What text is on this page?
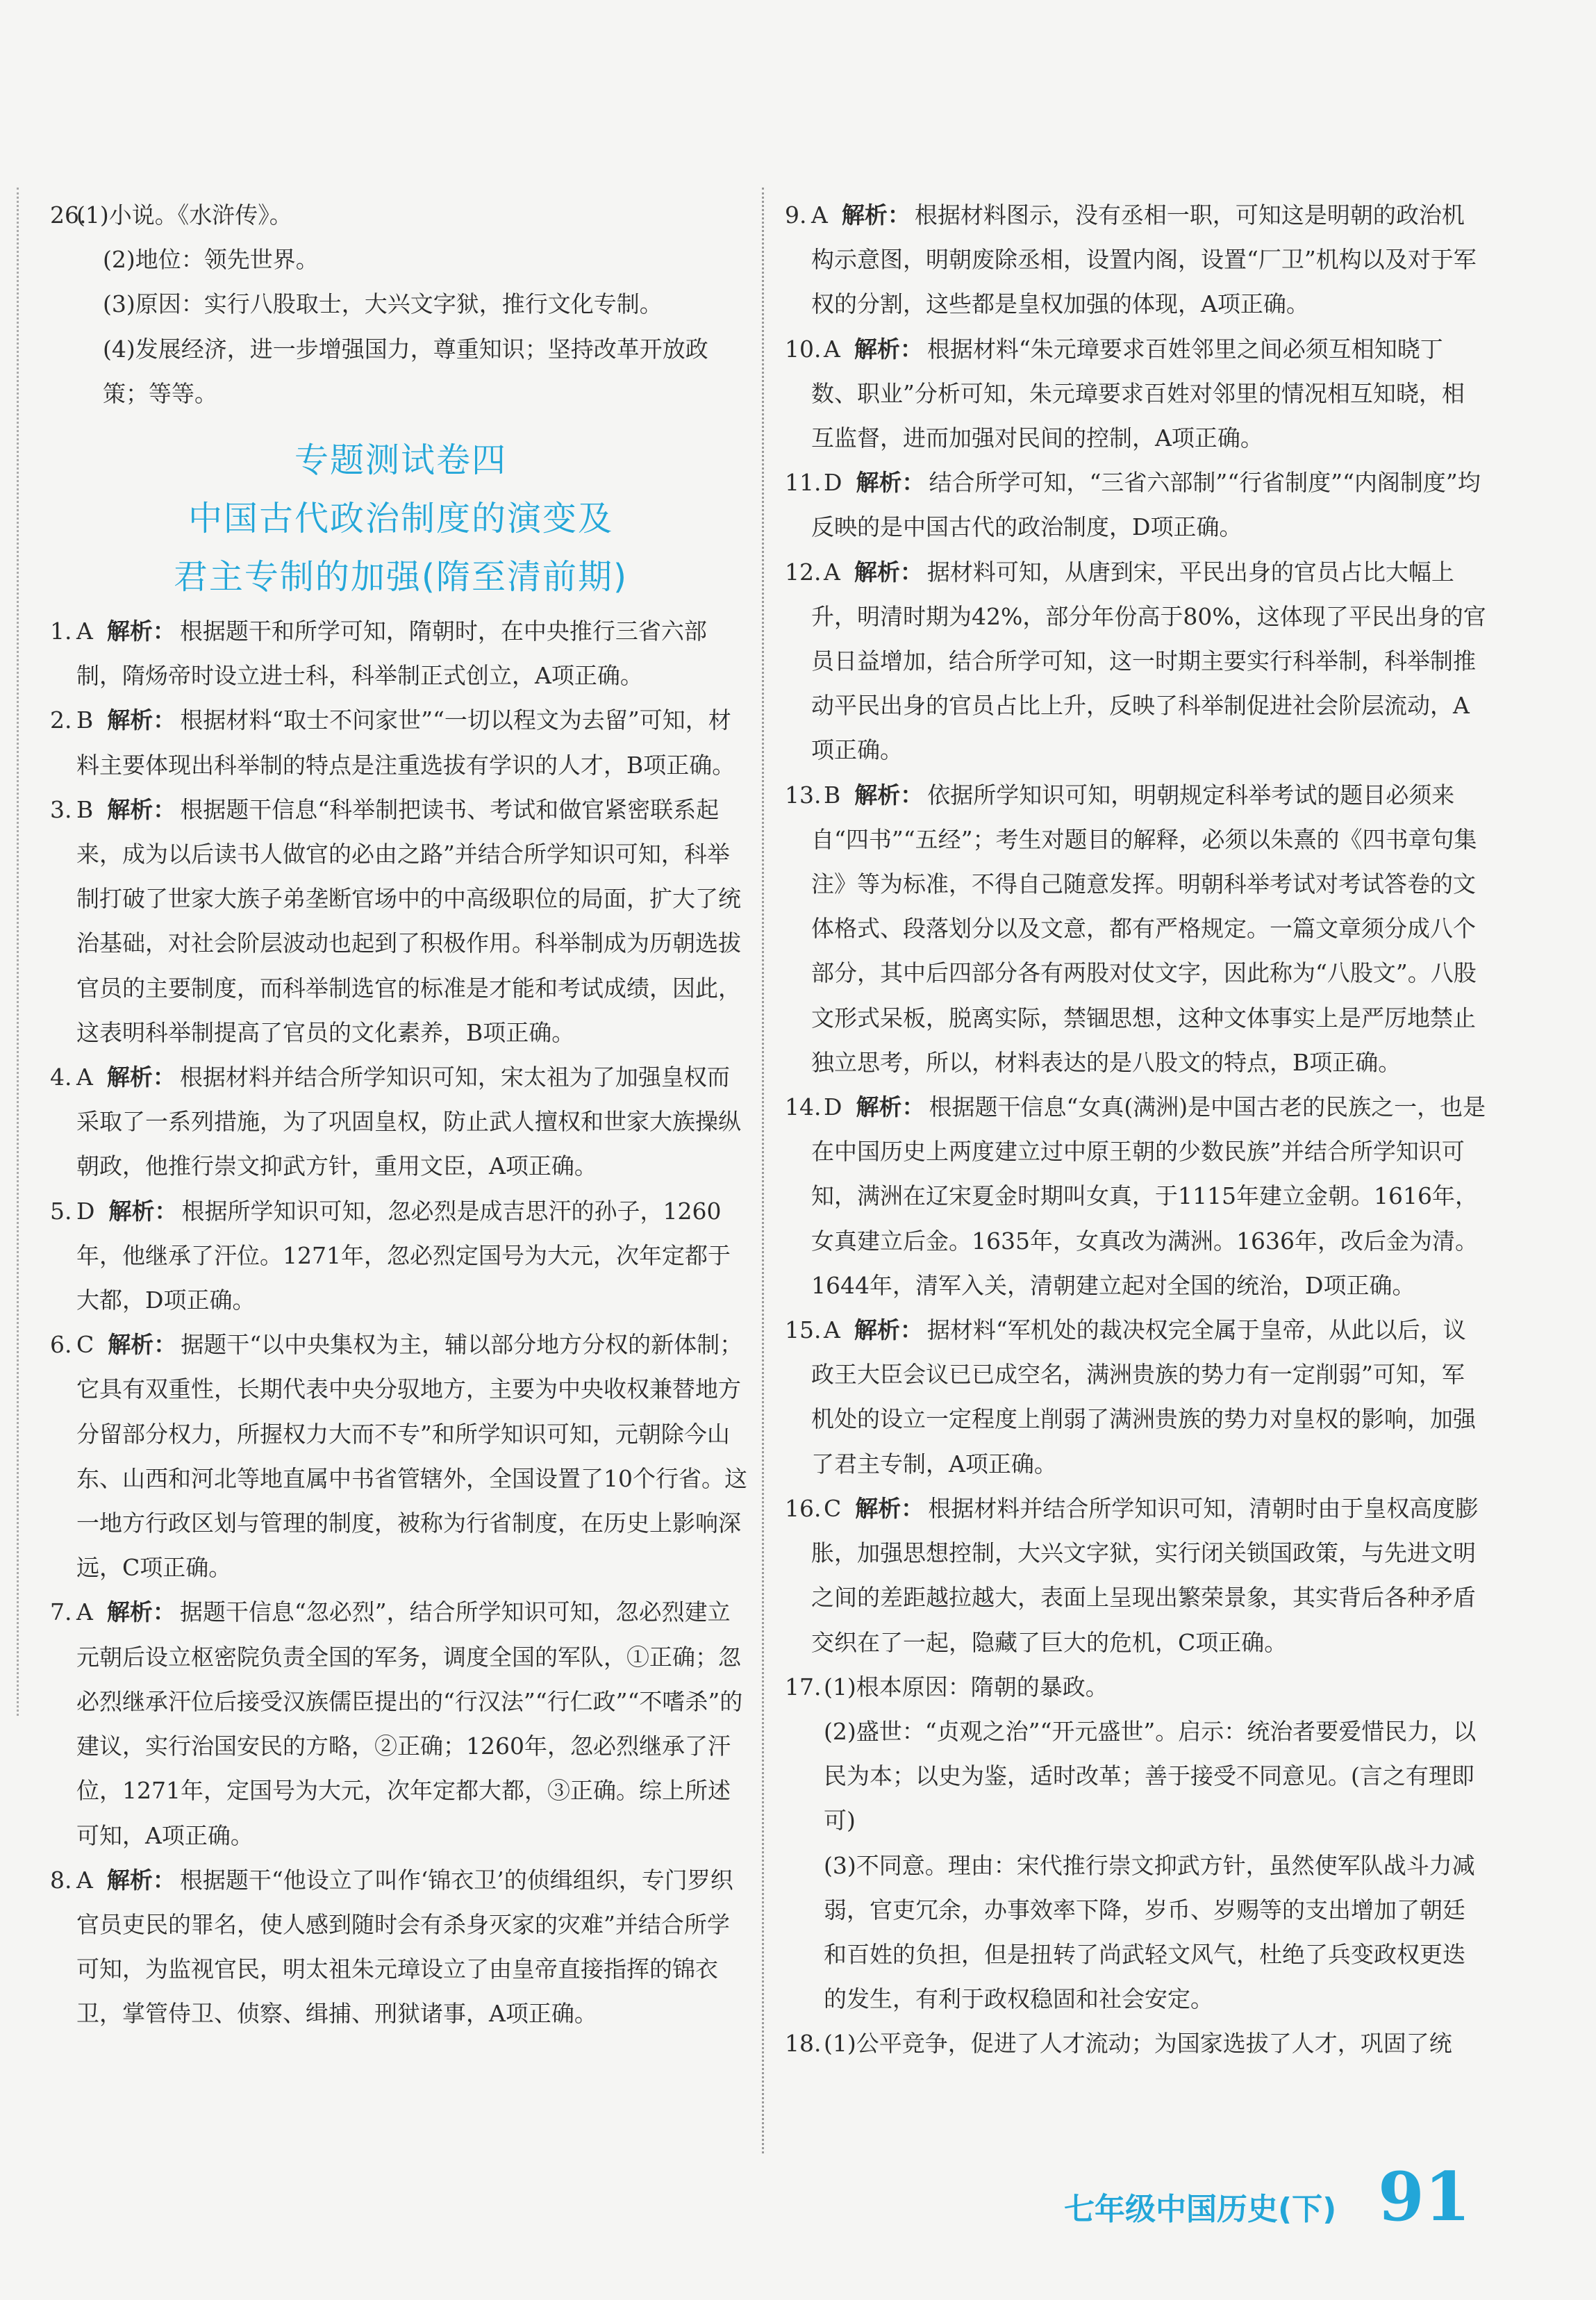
26.
(1)小说。《水浒传》。
(2)地位：领先世界。
(3)原因：实行八股取士，大兴文字狱，推行文化专制。
(4)发展经济，进一步增强国力，尊重知识；坚持改革开放政策；等等。
专题测试卷四
中国古代政治制度的演变及
君主专制的加强(隋至清前期)
1. A 解析： 根据题干和所学可知，隋朝时，在中央推行三省六部制，隋炀帝时设立进士科，科举制正式创立，A项正确。
2. B 解析： 根据材料“取士不问家世”“一切以程文为去留”可知，材料主要体现出科举制的特点是注重选拔有学识的人才，B项正确。
3. B 解析： 根据题干信息“科举制把读书、考试和做官紧密联系起来，成为以后读书人做官的必由之路”并结合所学知识可知，科举制打破了世家大族子弟垄断官场中的中高级职位的局面，扩大了统治基础，对社会阶层波动也起到了积极作用。科举制成为历朝选拔官员的主要制度，而科举制选官的标准是才能和考试成绩，因此，这表明科举制提高了官员的文化素养，B项正确。
4. A 解析： 根据材料并结合所学知识可知，宋太祖为了加强皇权而采取了一系列措施，为了巩固皇权，防止武人擅权和世家大族操纵朝政，他推行崇文抑武方针，重用文臣，A项正确。
5. D 解析： 根据所学知识可知，忽必烈是成吉思汗的孙子，1260年，他继承了汗位。1271年，忽必烈定国号为大元，次年定都于大都，D项正确。
6. C 解析： 据题干“以中央集权为主，辅以部分地方分权的新体制；它具有双重性，长期代表中央分驭地方，主要为中央收权兼替地方分留部分权力，所握权力大而不专”和所学知识可知，元朝除今山东、山西和河北等地直属中书省管辖外，全国设置了10个行省。这一地方行政区划与管理的制度，被称为行省制度，在历史上影响深远，C项正确。
7. A 解析： 据题干信息“忽必烈”，结合所学知识可知，忽必烈建立元朝后设立枢密院负责全国的军务，调度全国的军队，①正确；忽必烈继承汗位后接受汉族儒臣提出的“行汉法”“行仁政”“不嗜杀”的建议，实行治国安民的方略，②正确；1260年，忽必烈继承了汗位，1271年，定国号为大元，次年定都大都，③正确。综上所述可知，A项正确。
8. A 解析： 根据题干“他设立了叫作‘锦衣卫’的侦缉组织，专门罗织官员吏民的罪名，使人感到随时会有杀身灭家的灾难”并结合所学可知，为监视官民，明太祖朱元璋设立了由皇帝直接指挥的锦衣卫，掌管侍卫、侦察、缉捕、刑狱诸事，A项正确。
9. A 解析： 根据材料图示，没有丞相一职，可知这是明朝的政治机构示意图，明朝废除丞相，设置内阁，设置“厂卫”机构以及对于军权的分割，这些都是皇权加强的体现，A项正确。
10. A 解析： 根据材料“朱元璋要求百姓邻里之间必须互相知晓丁数、职业”分析可知，朱元璋要求百姓对邻里的情况相互知晓，相互监督，进而加强对民间的控制，A项正确。
11. D 解析： 结合所学可知，“三省六部制”“行省制度”“内阁制度”均反映的是中国古代的政治制度，D项正确。
12. A 解析： 据材料可知，从唐到宋，平民出身的官员占比大幅上升，明清时期为42%，部分年份高于80%，这体现了平民出身的官员日益增加，结合所学可知，这一时期主要实行科举制，科举制推动平民出身的官员占比上升，反映了科举制促进社会阶层流动，A项正确。
13. B 解析： 依据所学知识可知，明朝规定科举考试的题目必须来自“四书”“五经”；考生对题目的解释，必须以朱熹的《四书章句集注》等为标准，不得自己随意发挥。明朝科举考试对考试答卷的文体格式、段落划分以及文意，都有严格规定。一篇文章须分成八个部分，其中后四部分各有两股对仗文字，因此称为“八股文”。八股文形式呆板，脱离实际，禁锢思想，这种文体事实上是严厉地禁止独立思考，所以，材料表达的是八股文的特点，B项正确。
14. D 解析： 根据题干信息“女真(满洲)是中国古老的民族之一，也是在中国历史上两度建立过中原王朝的少数民族”并结合所学知识可知，满洲在辽宋夏金时期叫女真，于1115年建立金朝。1616年，女真建立后金。1635年，女真改为满洲。1636年，改后金为清。1644年，清军入关，清朝建立起对全国的统治，D项正确。
15. A 解析： 据材料“军机处的裁决权完全属于皇帝，从此以后，议政王大臣会议已已成空名，满洲贵族的势力有一定削弱”可知，军机处的设立一定程度上削弱了满洲贵族的势力对皇权的影响，加强了君主专制，A项正确。
16. C 解析： 根据材料并结合所学知识可知，清朝时由于皇权高度膨胀，加强思想控制，大兴文字狱，实行闭关锁国政策，与先进文明之间的差距越拉越大，表面上呈现出繁荣景象，其实背后各种矛盾交织在了一起，隐藏了巨大的危机，C项正确。
17. (1)根本原因：隋朝的暴政。
(2)盛世：“贞观之治”“开元盛世”。启示：统治者要爱惜民力，以民为本；以史为鉴，适时改革；善于接受不同意见。(言之有理即可)
(3)不同意。理由：宋代推行崇文抑武方针，虽然使军队战斗力减弱，官吏冗余，办事效率下降，岁币、岁赐等的支出增加了朝廷和百姓的负担，但是扭转了尚武轻文风气，杜绝了兵变政权更迭的发生，有利于政权稳固和社会安定。
18. (1)公平竞争，促进了人才流动；为国家选拔了人才，巩固了统
七年级中国历史(下) 91
